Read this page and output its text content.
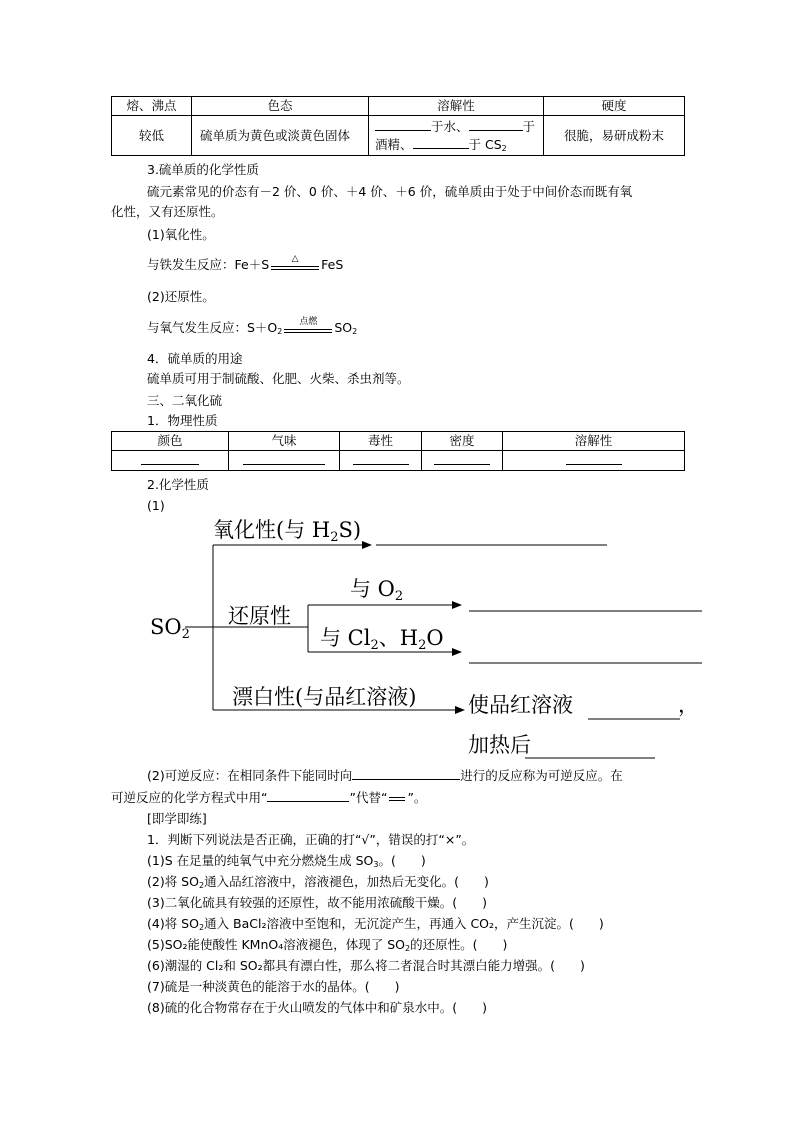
熔、沸点	色态	溶解性	硬度
较低	硫单质为黄色或淡黄色固体	于水、 于
酒精、 于 $CS_2$	很脆，易研成粉末
3.硫单质的化学性质
硫元素常见的价态有－2 价、0 价、＋4 价、＋6 价，硫单质由于处于中间价态而既有氧
化性，又有还原性。
(1)氧化性。
与铁发生反应：Fe＋S	△	FeS
(2)还原性。
与氧气发生反应：$S+O_2$
点燃	$SO_2$
4．硫单质的用途
硫单质可用于制硫酸、化肥、火柴、杀虫剂等。
三、二氧化硫
1．物理性质
颜色	气味	毒性	密度	溶解性

2.化学性质
(1)
$SO_2$
氧化性(与 $H_2S$)
还原性
与 $O_2$
与 $Cl_2$、$H_2O$
漂白性(与品红溶液) 使品红溶液	，
加热后
(2)可逆反应：在相同条件下能同时向	进行的反应称为可逆反应。在
可逆反应的化学方程式中用“	”代替“ ”。
[即学即练]
1．判断下列说法是否正确，正确的打“√”，错误的打“×”。
(1)S 在足量的纯氧气中充分燃烧生成 $SO_3$。(　　)
(2)将 $SO_2$通入品红溶液中，溶液褪色，加热后无变化。(　　)
(3)二氧化硫具有较强的还原性，故不能用浓硫酸干燥。(　　)
(4)将 $SO_2$通入 BaCl₂溶液中至饱和，无沉淀产生，再通入 CO₂，产生沉淀。(　　)
(5)SO₂能使酸性 KMnO₄溶液褪色，体现了 $SO_2$的还原性。(　　)
(6)潮湿的 Cl₂和 SO₂都具有漂白性，那么将二者混合时其漂白能力增强。(　　)
(7)硫是一种淡黄色的能溶于水的晶体。(　　)
(8)硫的化合物常存在于火山喷发的气体中和矿泉水中。(　　)
